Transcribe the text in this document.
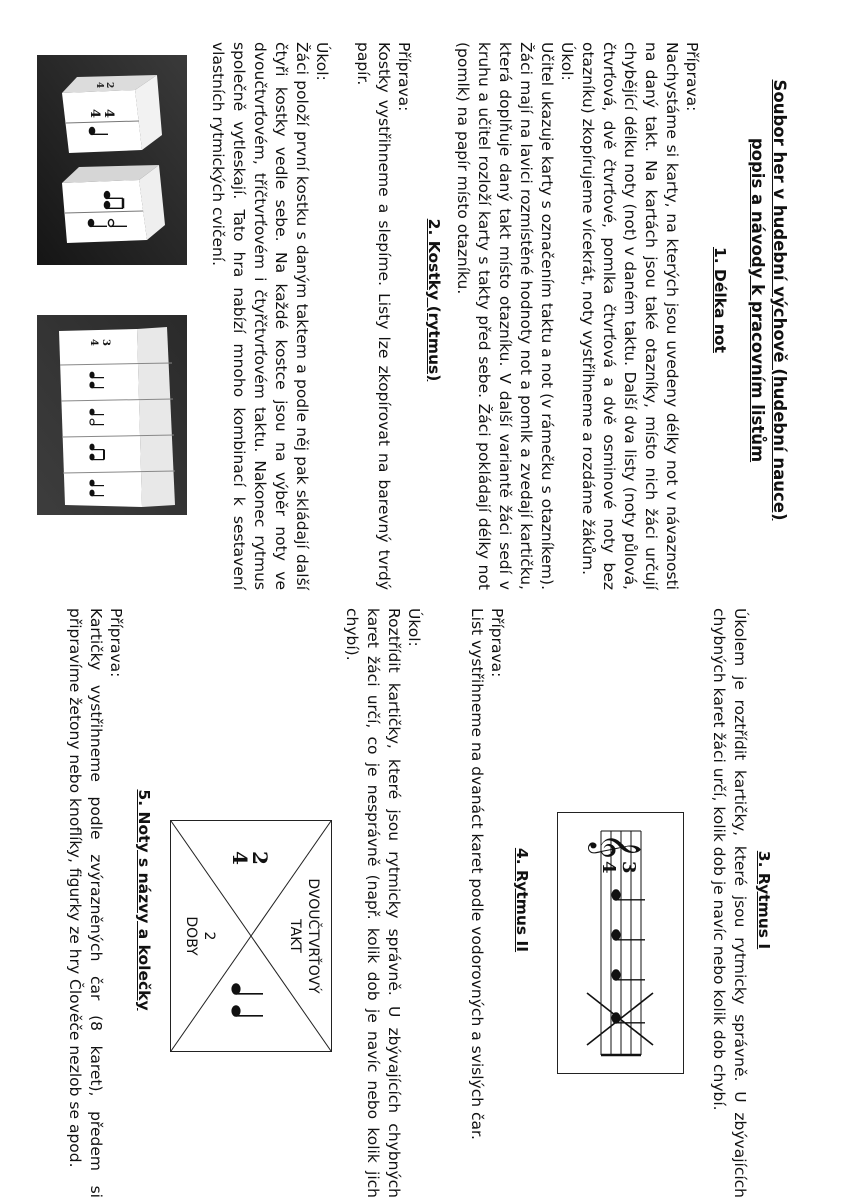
Soubor her v hudební výchově (hudební nauce)
popis a návody k pracovním listům
1. Délka not

Příprava:

Nachystáme si karty, na kterých jsou uvedeny délky not v návaznosti na daný takt. Na kartách jsou také otazníky, místo nich žáci určují chybějící délku noty (not) v daném taktu. Další dva listy (noty půlová, čtvrťová, dvě čtvrťové, pomlka čtvrťová a dvě osminové noty bez otazníku) zkopírujeme vícekrát, noty vystřihneme a rozdáme žákům.

Úkol:

Učitel ukazuje karty s označením taktu a not (v rámečku s otazníkem). Žáci mají na lavici rozmístěné hodnoty not a pomlk a zvedají kartičku, která doplňuje daný takt místo otazníku. V další variantě žáci sedí v kruhu a učitel rozloží karty s takty před sebe. Žáci pokládají délky not (pomlk) na papír místo otazníku.

2. Kostky (rytmus)

Příprava:

Kostky vystřihneme a slepíme. Listy lze zkopírovat na barevný tvrdý papír.

Úkol:

Žáci položí první kostku s daným taktem a podle něj pak skládají další čtyři kostky vedle sebe. Na každé kostce jsou na výběr noty ve dvoučtvrťovém, tříčtvrťovém i čtyřčtvrťovém taktu. Nakonec rytmus společně vytleskají. Tato hra nabízí mnoho kombinací k sestavení vlastních rytmických cvičení.

4
4
2
4
3
4
3. Rytmus I

Úkolem je roztřídit kartičky, které jsou rytmicky správně. U zbývajících chybných karet žáci určí, kolik dob je navíc nebo kolik dob chybí.

𝄞
3
4
4. Rytmus II

Příprava:

List vystřihneme na dvanáct karet podle vodorovných a svislých čar.

Úkol:

Roztřídit kartičky, které jsou rytmicky správně. U zbývajících chybných karet žáci určí, co je nesprávně (např. kolik dob je navíc nebo kolik jich chybí).

DVOUČTVRŤOVÝ
TAKT
2
4
2
DOBY
5. Noty s názvy a kolečky

Příprava:

Kartičky vystřihneme podle zvýrazněných čar (8 karet), předem si připravíme žetony nebo knoflíky, figurky ze hry Člověče nezlob se apod.
